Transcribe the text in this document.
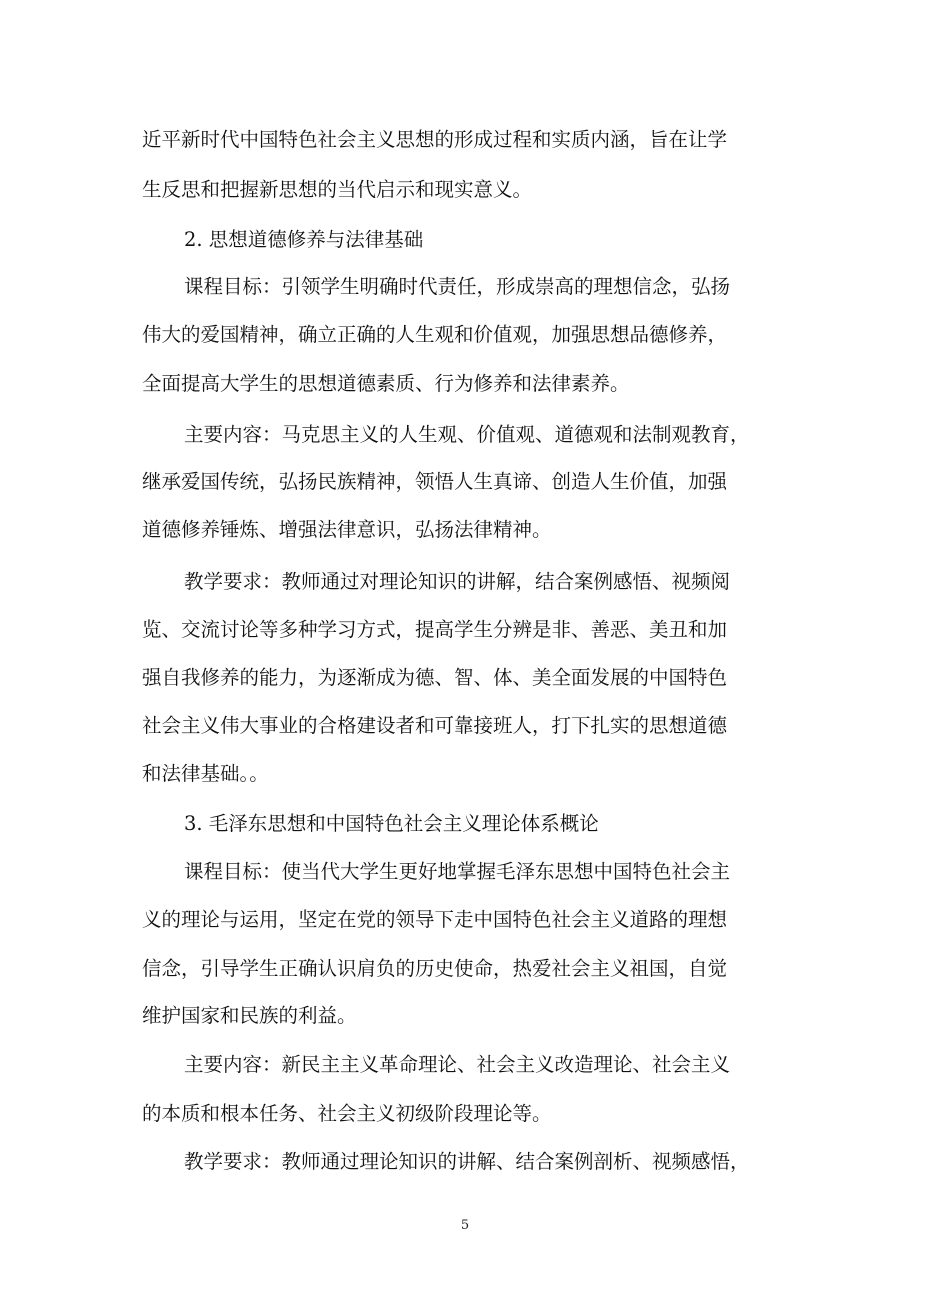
近平新时代中国特色社会主义思想的形成过程和实质内涵，旨在让学
生反思和把握新思想的当代启示和现实意义。
2. 思想道德修养与法律基础
课程目标：引领学生明确时代责任，形成崇高的理想信念，弘扬
伟大的爱国精神，确立正确的人生观和价值观，加强思想品德修养，
全面提高大学生的思想道德素质、行为修养和法律素养。
主要内容：马克思主义的人生观、价值观、道德观和法制观教育，
继承爱国传统，弘扬民族精神，领悟人生真谛、创造人生价值，加强
道德修养锤炼、增强法律意识，弘扬法律精神。
教学要求：教师通过对理论知识的讲解，结合案例感悟、视频阅
览、交流讨论等多种学习方式，提高学生分辨是非、善恶、美丑和加
强自我修养的能力，为逐渐成为德、智、体、美全面发展的中国特色
社会主义伟大事业的合格建设者和可靠接班人，打下扎实的思想道德
和法律基础。。
3. 毛泽东思想和中国特色社会主义理论体系概论
课程目标：使当代大学生更好地掌握毛泽东思想中国特色社会主
义的理论与运用，坚定在党的领导下走中国特色社会主义道路的理想
信念，引导学生正确认识肩负的历史使命，热爱社会主义祖国，自觉
维护国家和民族的利益。
主要内容：新民主主义革命理论、社会主义改造理论、社会主义
的本质和根本任务、社会主义初级阶段理论等。
教学要求：教师通过理论知识的讲解、结合案例剖析、视频感悟，
5
